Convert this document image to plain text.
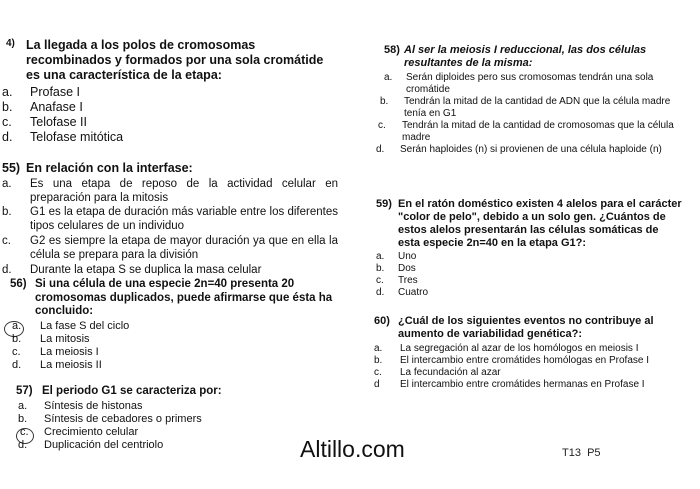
4) La llegada a los polos de cromosomas recombinados y formados por una sola cromátide es una característica de la etapa:
a. Profase I
b. Anafase I
c. Telofase II
d. Telofase mitótica
55) En relación con la interfase:
a. Es una etapa de reposo de la actividad celular en preparación para la mitosis
b. G1 es la etapa de duración más variable entre los diferentes tipos celulares de un individuo
c. G2 es siempre la etapa de mayor duración ya que en ella la célula se prepara para la división
d. Durante la etapa S se duplica la masa celular
56) Si una célula de una especie 2n=40 presenta 20 cromosomas duplicados, puede afirmarse que ésta ha concluido:
a. La fase S del ciclo
b. La mitosis
c. La meiosis I
d. La meiosis II
57) El periodo G1 se caracteriza por:
a. Síntesis de histonas
b. Síntesis de cebadores o primers
c. Crecimiento celular
d. Duplicación del centriolo
58) Al ser la meiosis I reduccional, las dos células resultantes de la misma:
a. Serán diploides pero sus cromosomas tendrán una sola cromátide
b. Tendrán la mitad de la cantidad de ADN que la célula madre tenía en G1
c. Tendrán la mitad de la cantidad de cromosomas que la célula madre
d. Serán haploides (n) si provienen de una célula haploide (n)
59) En el ratón doméstico existen 4 alelos para el carácter "color de pelo", debido a un solo gen. ¿Cuántos de estos alelos presentarán las células somáticas de esta especie 2n=40 en la etapa G1?:
a. Uno
b. Dos
c. Tres
d. Cuatro
60) ¿Cuál de los siguientes eventos no contribuye al aumento de variabilidad genética?:
a. La segregación al azar de los homólogos en meiosis I
b. El intercambio entre cromátides homólogas en Profase I
c. La fecundación al azar
d El intercambio entre cromátides hermanas en Profase I
Altillo.com	T13  P5
